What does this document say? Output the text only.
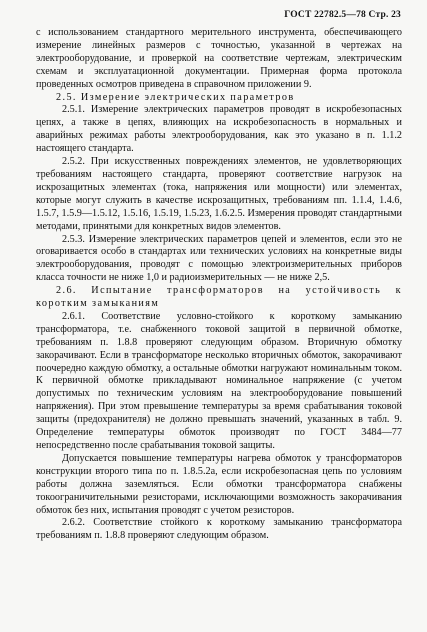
ГОСТ 22782.5—78 Стр. 23

с использованием стандартного мерительного инструмента, обеспечивающего измерение линейных размеров с точностью, указанной в чертежах на электрооборудование, и проверкой на соответствие чертежам, электрическим схемам и эксплуатационной документации. Примерная форма протокола проведенных осмотров приведена в справочном приложении 9.

2.5. Измерение электрических параметров

2.5.1. Измерение электрических параметров проводят в искробезопасных цепях, а также в цепях, влияющих на искробезопасность в нормальных и аварийных режимах работы электрооборудования, как это указано в п. 1.1.2 настоящего стандарта.

2.5.2. При искусственных повреждениях элементов, не удовлетворяющих требованиям настоящего стандарта, проверяют соответствие нагрузок на искрозащитных элементах (тока, напряжения или мощности) или элементах, которые могут служить в качестве искрозащитных, требованиям пп. 1.1.4, 1.4.6, 1.5.7, 1.5.9—1.5.12, 1.5.16, 1.5.19, 1.5.23, 1.6.2.5. Измерения проводят стандартными методами, принятыми для конкретных видов элементов.

2.5.3. Измерение электрических параметров цепей и элементов, если это не оговаривается особо в стандартах или технических условиях на конкретные виды электрооборудования, проводят с помощью электроизмерительных приборов класса точности не ниже 1,0 и радиоизмерительных — не ниже 2,5.

2.6. Испытание трансформаторов на устойчивость к коротким замыканиям

2.6.1. Соответствие условно-стойкого к короткому замыканию трансформатора, т.е. снабженного токовой защитой в первичной обмотке, требованиям п. 1.8.8 проверяют следующим образом. Вторичную обмотку закорачивают. Если в трансформаторе несколько вторичных обмоток, закорачивают поочередно каждую обмотку, а остальные обмотки нагружают номинальным током. К первичной обмотке прикладывают номинальное напряжение (с учетом допустимых по техническим условиям на электрооборудование повышений напряжения). При этом превышение температуры за время срабатывания токовой защиты (предохранителя) не должно превышать значений, указанных в табл. 9. Определение температуры обмоток производят по ГОСТ 3484—77 непосредственно после срабатывания токовой защиты.

Допускается повышение температуры нагрева обмоток у трансформаторов конструкции второго типа по п. 1.8.5.2а, если искробезопасная цепь по условиям работы должна заземляться. Если обмотки трансформатора снабжены токоограничительными резисторами, исключающими возможность закорачивания обмоток без них, испытания проводят с учетом резисторов.

2.6.2. Соответствие стойкого к короткому замыканию трансформатора требованиям п. 1.8.8 проверяют следующим образом.
